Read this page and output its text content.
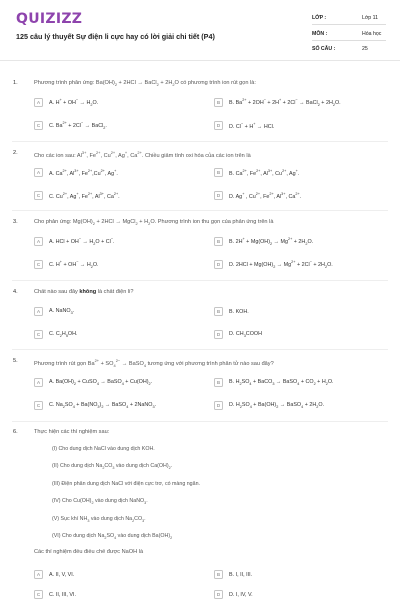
QUIZIZZ
125 câu lý thuyết Sự điện li cực hay có lời giải chi tiết (P4)
LỚP :	Lớp 11
MÔN :	Hóa học
SỐ CÂU :	25
1.	Phương trình phân ứng: $Ba(OH)_2 + 2HCl$ → BaCl$_2$ + $2H_2O$ có phương trình ion rút gọn là:
A	A. $H^+ + OH^- \to H_2O$.	B	B. $Ba^{2+} + 2OH^- + 2H^+ + 2Cl^-$ → BaCl$_2$ + $2H_2O$.
C	C. $Ba^{2+} + 2Cl^-$ → BaCl$_2$.	D	D. Cl− + H+ → HCl.
2.	Cho các ion sau: $Al^{3+}$, $Fe^{2+}$, $Cu^{2+}$, Ag+, $Ca^{2+}$. Chiều giảm tính oxi hóa của các ion trên là
A	A. $Ca^{2+}$, $Al^{3+}$, $Fe^{2+},Cu^{2+}$, Ag+.	B	B. $Ca^{2+}$, $Fe^{2+}$, $Al^{3+}$, $Cu^{2+}$, Ag+.
C	C. $Cu^{2+}$, Ag+, $Fe^{2+}$, $Al^{3+}$, $Ca^{2+}$.	D	D. Ag+ , $Cu^{2+}$, $Fe^{2+}$, $Al^{3+}$, $Ca^{2+}$.
3.	Cho phản ứng: $Mg(OH)_2 + 2HCl$ → MgCl$_2$ + $H_2O$. Phương trình ion thu gọn của phản ứng trên là
A	A. HCl + $OH^- \to H_2O + Cl^-$.	B	B. $2H^+ + Mg(OH)_2 \to Mg^{2+} + 2H_2O$.
C	C. $H^+ + OH^- \to H_2O$.	D	D. $2HCl + Mg(OH)_2 \to Mg^{2+} + 2Cl^- + 2H_2O$.
4.	Chất nào sau đây không là chất điện li?
A	A. NaNO$_3$.	B	B. KOH.
C	C. $C_2H_5OH$.	D	D. $CH_3COOH$
5.	Phương trình rút gọn $Ba^{2+} + SO_4^{2-}$ → BaSO$_4$ tương ứng với phương trình phân tử nào sau đây?
A	A. $Ba(OH)_2$ + CuSO$_4$ → BaSO$_4$ + $Cu(OH)_2$.	B	B. $H_2SO_4$ + BaCO$_3$ → BaSO$_4$ + $CO_2 + H_2O$.
C	C. $Na_2SO_4 + Ba(NO_3)_2$ → BaSO$_4$ + 2NaNO$_3$.	D	D. $H_2SO_4 + Ba(OH)_2$ → BaSO$_4$ + $2H_2O$.
6.	Thực hiện các thí nghiệm sau:
(I) Cho dung dịch NaCl vào dung dịch KOH.
(II) Cho dung dịch $Na_2CO_3$ vào dung dịch $Ca(OH)_2$.
(III) Điện phân dung dịch NaCl với điện cực trơ, có màng ngăn.
(IV) Cho $Cu(OH)_2$ vào dung dịch NaNO$_3$.
(V) Sục khí $NH_3$ vào dung dịch $Na_2CO_3$.
(VI) Cho dung dịch $Na_2SO_4$ vào dung dịch $Ba(OH)_2$
Các thí nghiệm đều điều chế được NaOH là
A	A. II, V, VI.	B	B. I, II, III.
C	C. II, III, VI.	D	D. I, IV, V.
